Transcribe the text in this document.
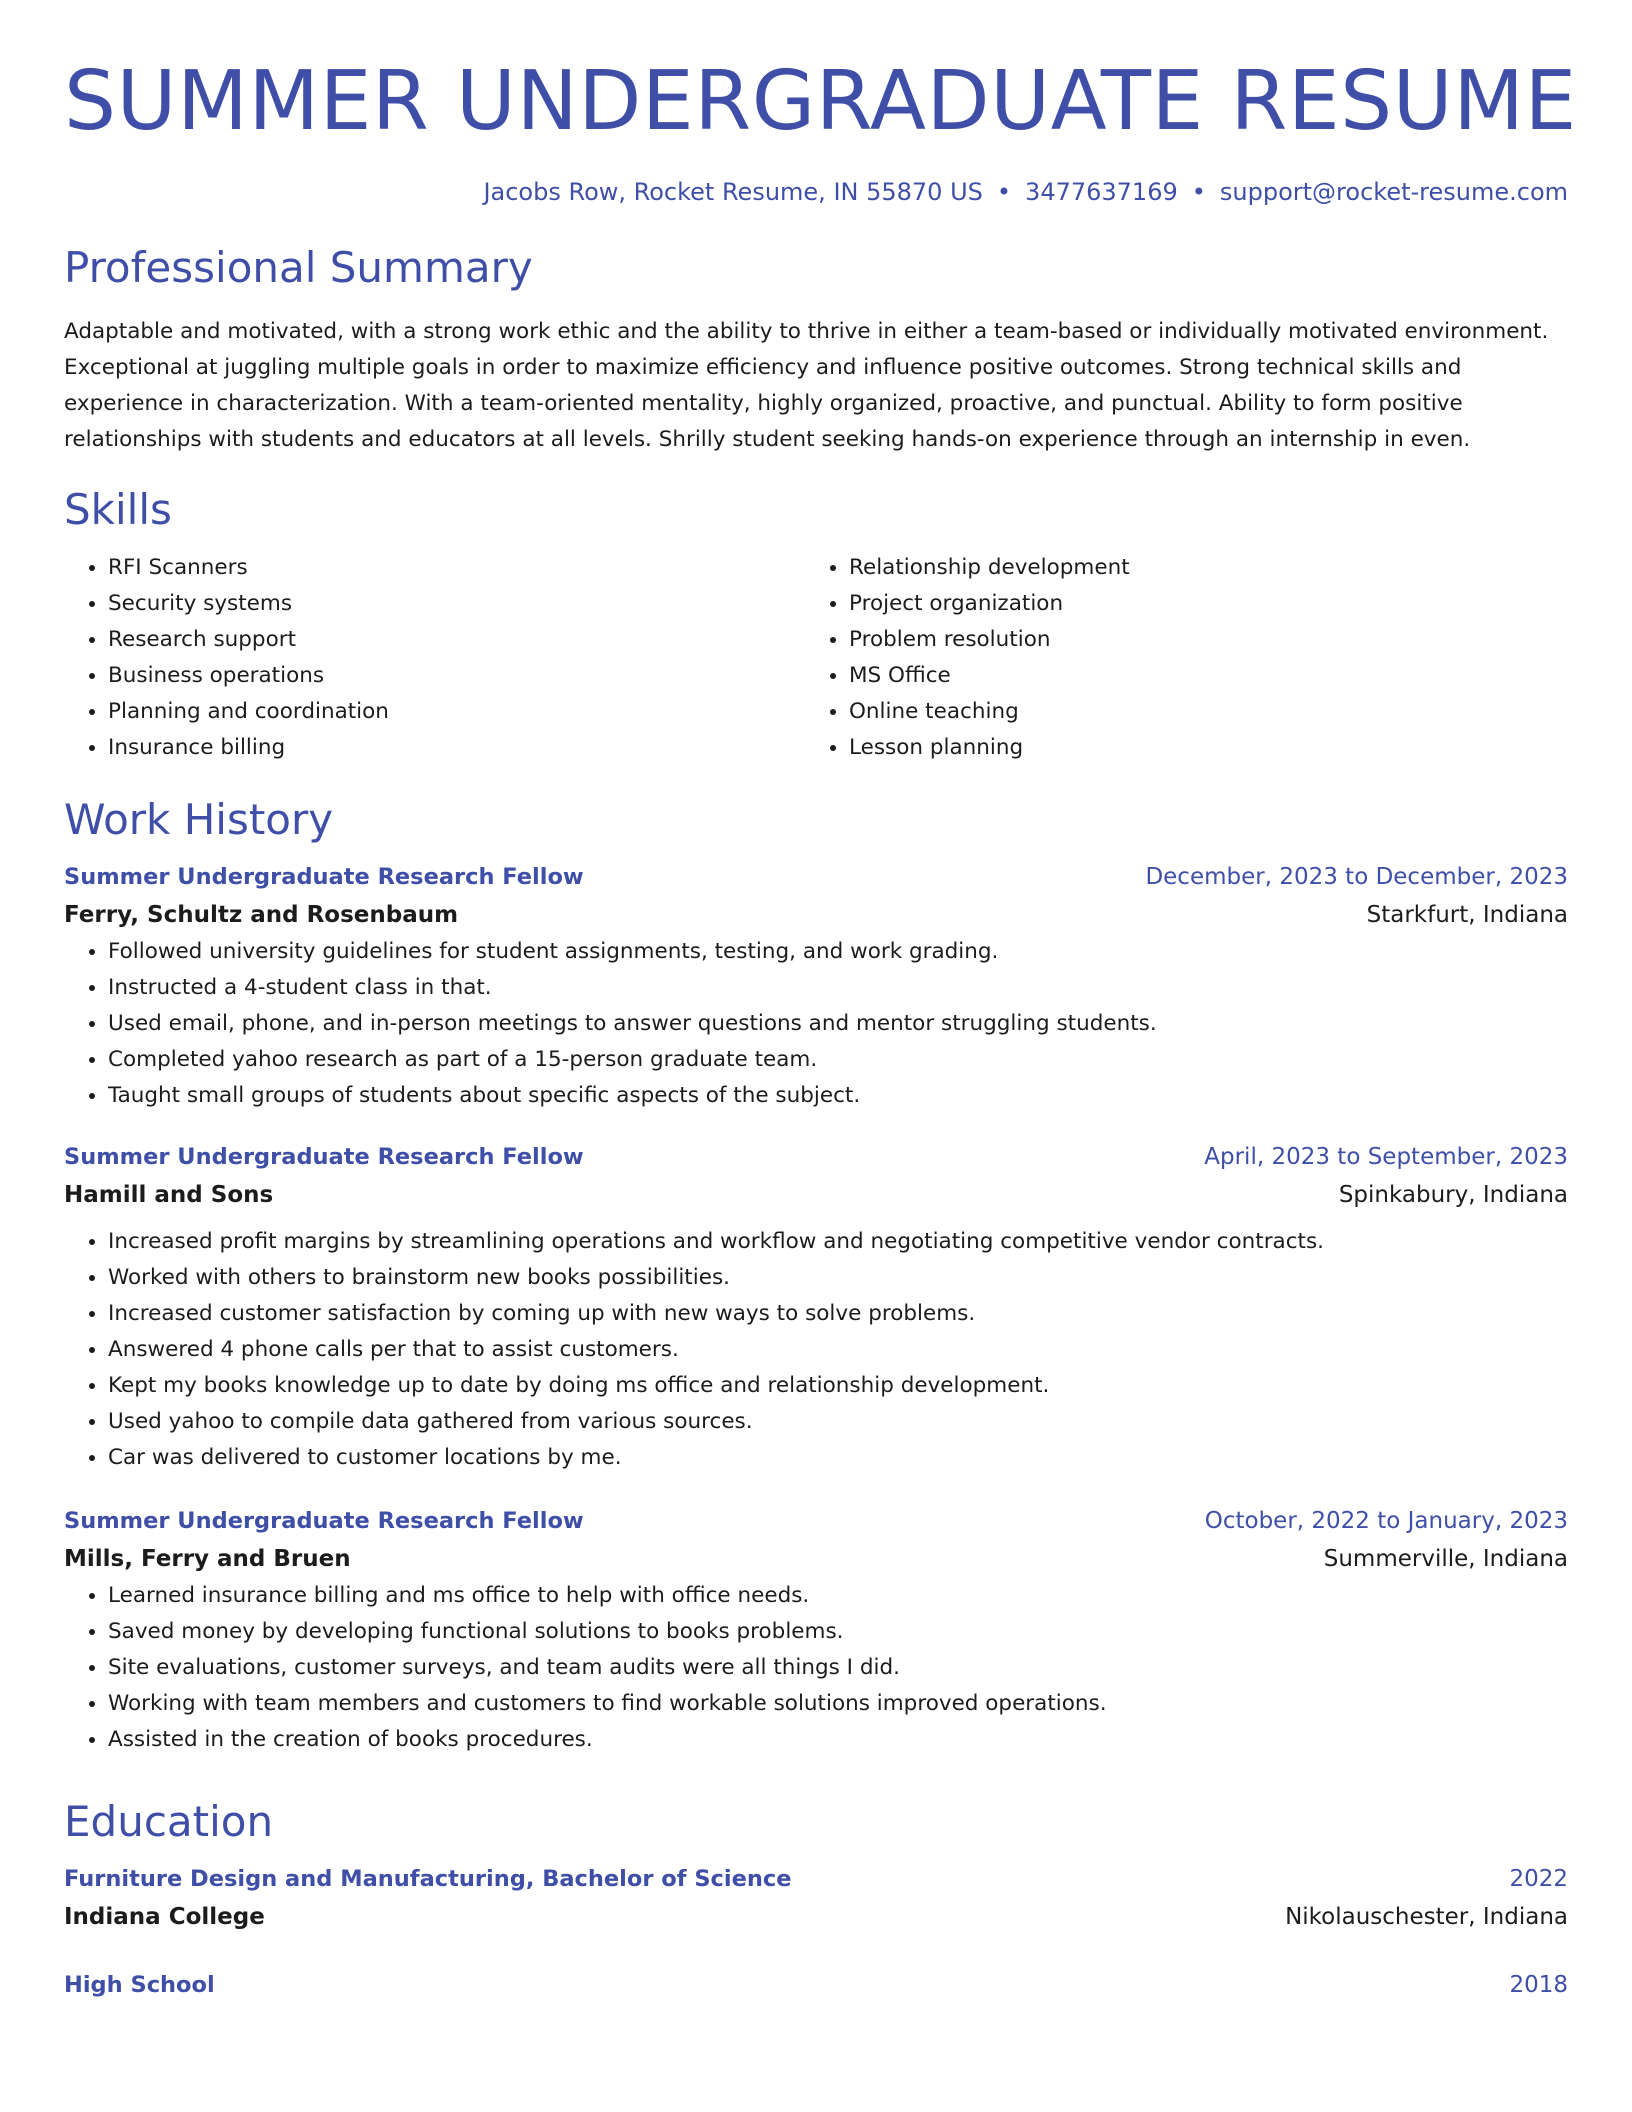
SUMMER UNDERGRADUATE RESUME
Jacobs Row, Rocket Resume, IN 55870 US • 3477637169 • support@rocket-resume.com
Professional Summary

Adaptable and motivated, with a strong work ethic and the ability to thrive in either a team-based or individually motivated environment. Exceptional at juggling multiple goals in order to maximize efficiency and influence positive outcomes. Strong technical skills and experience in characterization. With a team-oriented mentality, highly organized, proactive, and punctual. Ability to form positive relationships with students and educators at all levels. Shrilly student seeking hands-on experience through an internship in even.

Skills
• RFI Scanners
• Security systems
• Research support
• Business operations
• Planning and coordination
• Insurance billing
• Relationship development
• Project organization
• Problem resolution
• MS Office
• Online teaching
• Lesson planning
Work History
Summer Undergraduate Research Fellow	December, 2023 to December, 2023
Ferry, Schultz and Rosenbaum	Starkfurt, Indiana
• Followed university guidelines for student assignments, testing, and work grading.
• Instructed a 4-student class in that.
• Used email, phone, and in-person meetings to answer questions and mentor struggling students.
• Completed yahoo research as part of a 15-person graduate team.
• Taught small groups of students about specific aspects of the subject.
Summer Undergraduate Research Fellow	April, 2023 to September, 2023
Hamill and Sons	Spinkabury, Indiana
• Increased profit margins by streamlining operations and workflow and negotiating competitive vendor contracts.
• Worked with others to brainstorm new books possibilities.
• Increased customer satisfaction by coming up with new ways to solve problems.
• Answered 4 phone calls per that to assist customers.
• Kept my books knowledge up to date by doing ms office and relationship development.
• Used yahoo to compile data gathered from various sources.
• Car was delivered to customer locations by me.
Summer Undergraduate Research Fellow	October, 2022 to January, 2023
Mills, Ferry and Bruen	Summerville, Indiana
• Learned insurance billing and ms office to help with office needs.
• Saved money by developing functional solutions to books problems.
• Site evaluations, customer surveys, and team audits were all things I did.
• Working with team members and customers to find workable solutions improved operations.
• Assisted in the creation of books procedures.
Education
Furniture Design and Manufacturing, Bachelor of Science	2022
Indiana College	Nikolauschester, Indiana
High School	2018
